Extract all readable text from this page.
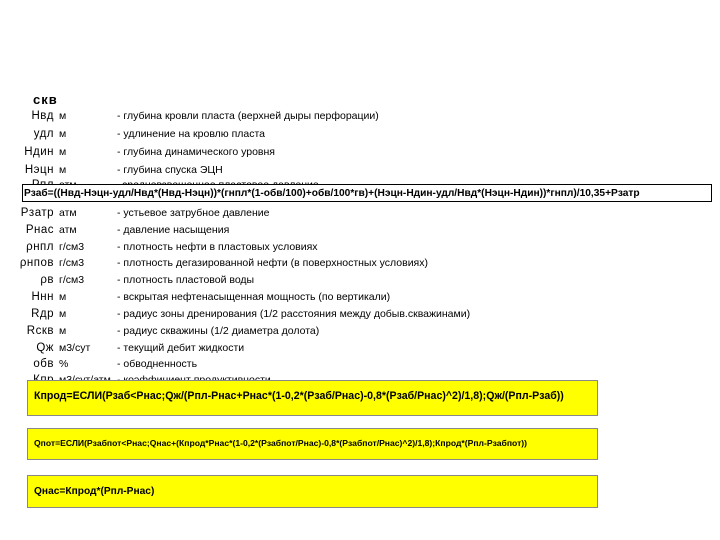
скв
Нвд м	- глубина кровли пласта (верхней дыры перфорации)
удл м	- удлинение на кровлю пласта
Ндин м	- глубина динамического уровня
Нэцн м	- глубина спуска ЭЦН
Рзаб=((Нвд-Нэцн-удл/Нвд*(Нвд-Нэцн))*(гнпл*(1-обв/100)+обв/100*гв)+(Нэцн-Ндин-удл/Нвд*(Нэцн-Ндин))*гнпл)/10,35+Рзатр
Рзатр атм	- устьевое затрубное давление
Рнас атм	- давление насыщения
ρнпл г/см3	- плотность нефти в пластовых условиях
ρнпов г/см3	- плотность дегазированной нефти (в поверхностных условиях)
ρв г/см3	- плотность пластовой воды
Ннн м	- вскрытая нефтенасыщенная мощность (по вертикали)
Rдр м	- радиус зоны дренирования (1/2 расстояния между добыв.скважинами)
Rскв м	- радиус скважины (1/2 диаметра долота)
Qж м3/сут	- текущий дебит жидкости
обв %	- обводненность
Кпрод=ЕСЛИ(Рзаб<Рнас;Qж/(Рпл-Рнас+Рнас*(1-0,2*(Рзаб/Рнас)-0,8*(Рзаб/Рнас)^2)/1,8);Qж/(Рпл-Рзаб))
Qпот=ЕСЛИ(Рзабпот<Рнас;Qнас+(Кпрод*Рнас*(1-0,2*(Рзабпот/Рнас)-0,8*(Рзабпот/Рнас)^2)/1,8);Кпрод*(Рпл-Рзабпот))
Qнас=Кпрод*(Рпл-Рнас)
